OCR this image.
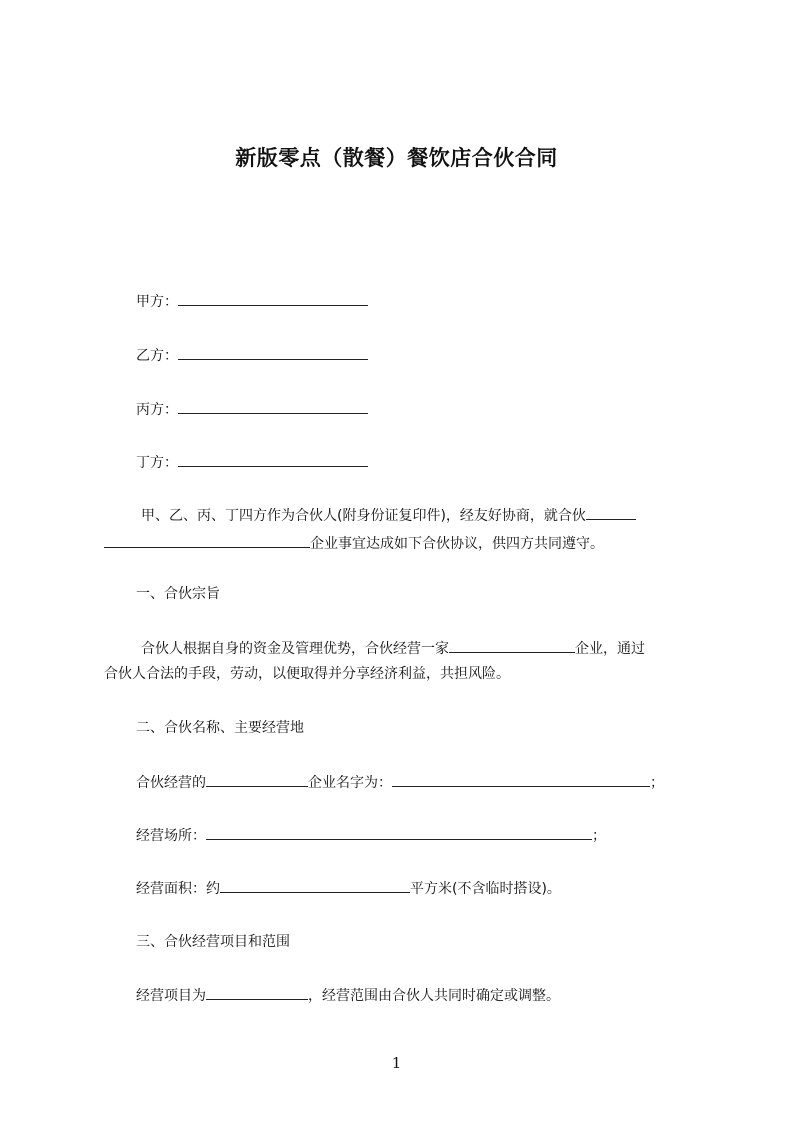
新版零点（散餐）餐饮店合伙合同
甲方：
乙方：
丙方：
丁方：
甲、乙、丙、丁四方作为合伙人(附身份证复印件)，经友好协商，就合伙
企业事宜达成如下合伙协议，供四方共同遵守。
一、合伙宗旨
合伙人根据自身的资金及管理优势，合伙经营一家	企业，通过
合伙人合法的手段，劳动，以便取得并分享经济利益，共担风险。
二、合伙名称、主要经营地
合伙经营的	企业名字为：	；
经营场所：	；
经营面积：约	平方米(不含临时搭设)。
三、合伙经营项目和范围
经营项目为	，经营范围由合伙人共同时确定或调整。
1
